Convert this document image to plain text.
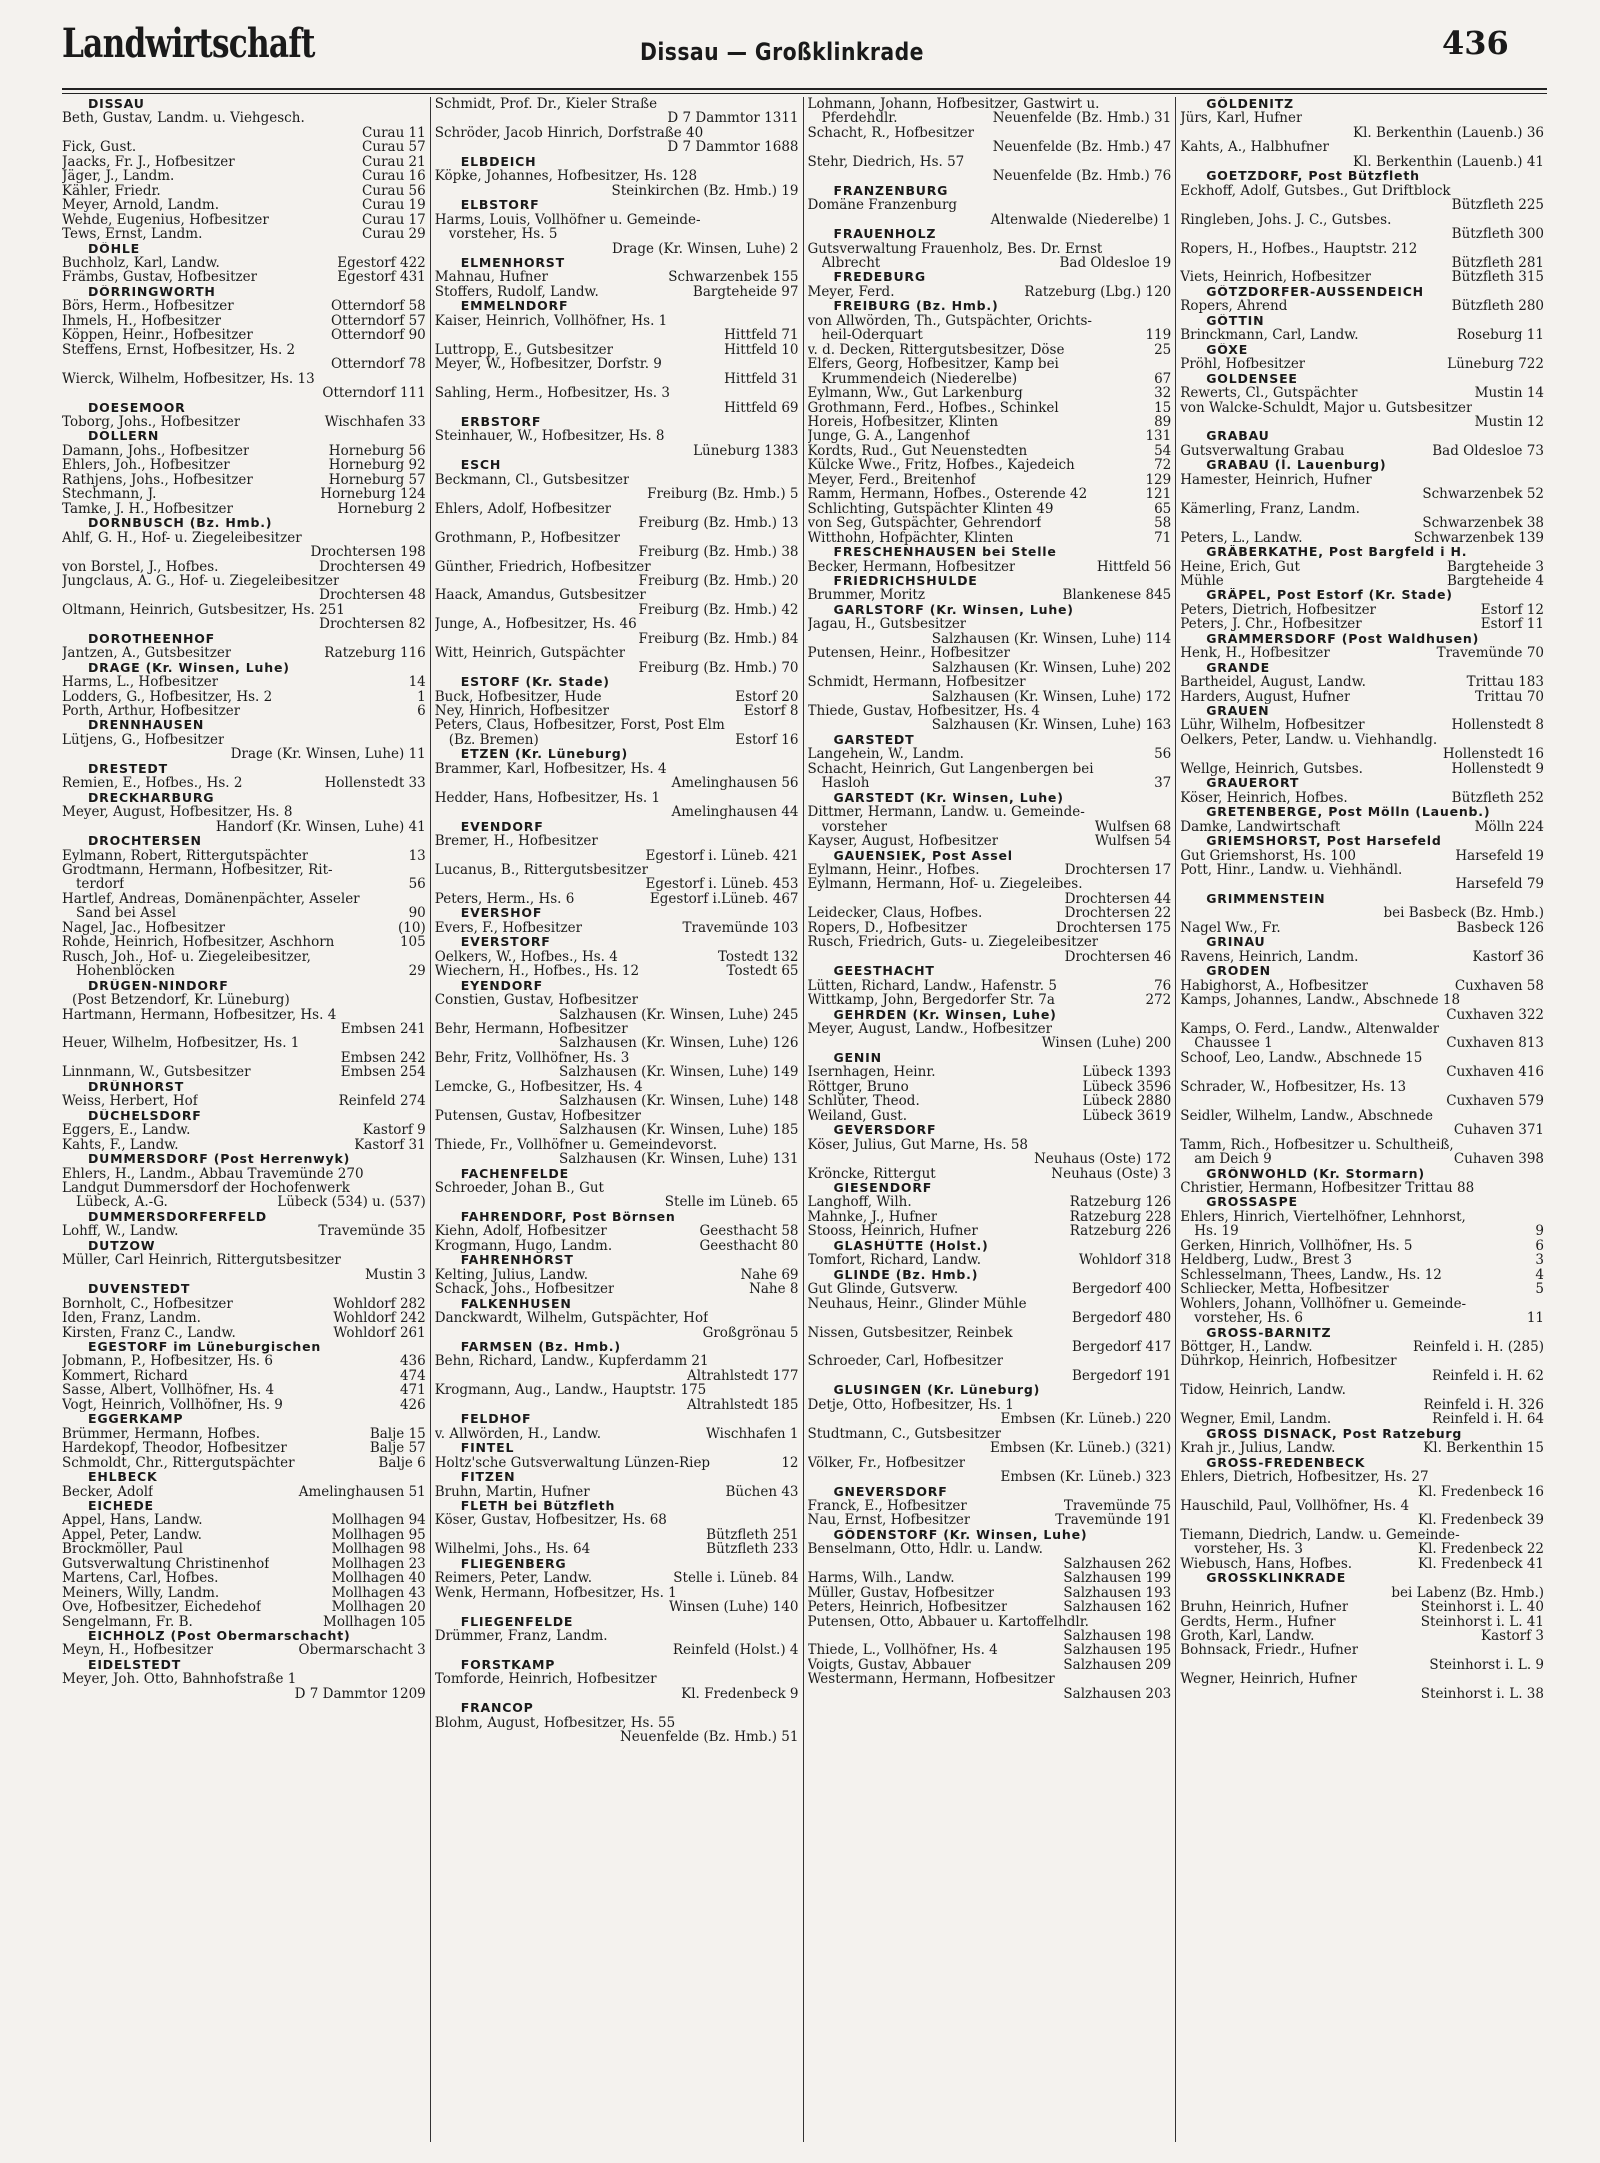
Landwirtschaft	Dissau — Großklinkrade	436
DISSAU
Beth, Gustav, Landm. u. Viehgesch.
Curau 11
Fick, Gust.	Curau 57
Jaacks, Fr. J., Hofbesitzer	Curau 21
Jäger, J., Landm.	Curau 16
Kähler, Friedr.	Curau 56
Meyer, Arnold, Landm.	Curau 19
Wehde, Eugenius, Hofbesitzer	Curau 17
Tews, Ernst, Landm.	Curau 29
DÖHLE
Buchholz, Karl, Landw.	Egestorf 422
Främbs, Gustav, Hofbesitzer	Egestorf 431
DÖRRINGWORTH
Börs, Herm., Hofbesitzer	Otterndorf 58
Ihmels, H., Hofbesitzer	Otterndorf 57
Köppen, Heinr., Hofbesitzer	Otterndorf 90
Steffens, Ernst, Hofbesitzer, Hs. 2
Otterndorf 78
Wierck, Wilhelm, Hofbesitzer, Hs. 13
Otterndorf 111
DOESEMOOR
Toborg, Johs., Hofbesitzer	Wischhafen 33
DOLLERN
Damann, Johs., Hofbesitzer	Horneburg 56
Ehlers, Joh., Hofbesitzer	Horneburg 92
Rathjens, Johs., Hofbesitzer	Horneburg 57
Stechmann, J.	Horneburg 124
Tamke, J. H., Hofbesitzer	Horneburg 2
DORNBUSCH (Bz. Hmb.)
Ahlf, G. H., Hof- u. Ziegeleibesitzer
Drochtersen 198
von Borstel, J., Hofbes.	Drochtersen 49
Jungclaus, A. G., Hof- u. Ziegeleibesitzer
Drochtersen 48
Oltmann, Heinrich, Gutsbesitzer, Hs. 251
Drochtersen 82
DOROTHEENHOF
Jantzen, A., Gutsbesitzer	Ratzeburg 116
DRAGE (Kr. Winsen, Luhe)
Harms, L., Hofbesitzer	14
Lodders, G., Hofbesitzer, Hs. 2	1
Porth, Arthur, Hofbesitzer	6
DRENNHAUSEN
Lütjens, G., Hofbesitzer
Drage (Kr. Winsen, Luhe) 11
DRESTEDT
Remien, E., Hofbes., Hs. 2	Hollenstedt 33
DRECKHARBURG
Meyer, August, Hofbesitzer, Hs. 8
Handorf (Kr. Winsen, Luhe) 41
DROCHTERSEN
Eylmann, Robert, Rittergutspächter	13
Grodtmann, Hermann, Hofbesitzer, Rit-
terdorf	56
Hartlef, Andreas, Domänenpächter, Asseler
Sand bei Assel	90
Nagel, Jac., Hofbesitzer	(10)
Rohde, Heinrich, Hofbesitzer, Aschhorn	105
Rusch, Joh., Hof- u. Ziegeleibesitzer,
Hohenblöcken	29
DRÜGEN-NINDORF
(Post Betzendorf, Kr. Lüneburg)
Hartmann, Hermann, Hofbesitzer, Hs. 4
Embsen 241
Heuer, Wilhelm, Hofbesitzer, Hs. 1
Embsen 242
Linnmann, W., Gutsbesitzer	Embsen 254
DRÜNHORST
Weiss, Herbert, Hof	Reinfeld 274
DÜCHELSDORF
Eggers, E., Landw.	Kastorf 9
Kahts, F., Landw.	Kastorf 31
DUMMERSDORF (Post Herrenwyk)
Ehlers, H., Landm., Abbau Travemünde 270
Landgut Dummersdorf der Hochofenwerk
Lübeck, A.-G.	Lübeck (534) u. (537)
DUMMERSDORFERFELD
Lohff, W., Landw.	Travemünde 35
DUTZOW
Müller, Carl Heinrich, Rittergutsbesitzer
Mustin 3
DUVENSTEDT
Bornholt, C., Hofbesitzer	Wohldorf 282
Iden, Franz, Landm.	Wohldorf 242
Kirsten, Franz C., Landw.	Wohldorf 261
EGESTORF im Lüneburgischen
Jobmann, P., Hofbesitzer, Hs. 6	436
Kommert, Richard	474
Sasse, Albert, Vollhöfner, Hs. 4	471
Vogt, Heinrich, Vollhöfner, Hs. 9	426
EGGERKAMP
Brümmer, Hermann, Hofbes.	Balje 15
Hardekopf, Theodor, Hofbesitzer	Balje 57
Schmoldt, Chr., Rittergutspächter	Balje 6
EHLBECK
Becker, Adolf	Amelinghausen 51
EICHEDE
Appel, Hans, Landw.	Mollhagen 94
Appel, Peter, Landw.	Mollhagen 95
Brockmöller, Paul	Mollhagen 98
Gutsverwaltung Christinenhof	Mollhagen 23
Martens, Carl, Hofbes.	Mollhagen 40
Meiners, Willy, Landm.	Mollhagen 43
Ove, Hofbesitzer, Eichedehof	Mollhagen 20
Sengelmann, Fr. B.	Mollhagen 105
EICHHOLZ (Post Obermarschacht)
Meyn, H., Hofbesitzer	Obermarschacht 3
EIDELSTEDT
Meyer, Joh. Otto, Bahnhofstraße 1
D 7 Dammtor 1209
Schmidt, Prof. Dr., Kieler Straße
D 7 Dammtor 1311
Schröder, Jacob Hinrich, Dorfstraße 40
D 7 Dammtor 1688
ELBDEICH
Köpke, Johannes, Hofbesitzer, Hs. 128
Steinkirchen (Bz. Hmb.) 19
ELBSTORF
Harms, Louis, Vollhöfner u. Gemeinde-
vorsteher, Hs. 5
Drage (Kr. Winsen, Luhe) 2
ELMENHORST
Mahnau, Hufner	Schwarzenbek 155
Stoffers, Rudolf, Landw.	Bargteheide 97
EMMELNDORF
Kaiser, Heinrich, Vollhöfner, Hs. 1
Hittfeld 71
Luttropp, E., Gutsbesitzer	Hittfeld 10
Meyer, W., Hofbesitzer, Dorfstr. 9
Hittfeld 31
Sahling, Herm., Hofbesitzer, Hs. 3
Hittfeld 69
ERBSTORF
Steinhauer, W., Hofbesitzer, Hs. 8
Lüneburg 1383
ESCH
Beckmann, Cl., Gutsbesitzer
Freiburg (Bz. Hmb.) 5
Ehlers, Adolf, Hofbesitzer
Freiburg (Bz. Hmb.) 13
Grothmann, P., Hofbesitzer
Freiburg (Bz. Hmb.) 38
Günther, Friedrich, Hofbesitzer
Freiburg (Bz. Hmb.) 20
Haack, Amandus, Gutsbesitzer
Freiburg (Bz. Hmb.) 42
Junge, A., Hofbesitzer, Hs. 46
Freiburg (Bz. Hmb.) 84
Witt, Heinrich, Gutspächter
Freiburg (Bz. Hmb.) 70
ESTORF (Kr. Stade)
Buck, Hofbesitzer, Hude	Estorf 20
Ney, Hinrich, Hofbesitzer	Estorf 8
Peters, Claus, Hofbesitzer, Forst, Post Elm
(Bz. Bremen)	Estorf 16
ETZEN (Kr. Lüneburg)
Brammer, Karl, Hofbesitzer, Hs. 4
Amelinghausen 56
Hedder, Hans, Hofbesitzer, Hs. 1
Amelinghausen 44
EVENDORF
Bremer, H., Hofbesitzer
Egestorf i. Lüneb. 421
Lucanus, B., Rittergutsbesitzer
Egestorf i. Lüneb. 453
Peters, Herm., Hs. 6	Egestorf i.Lüneb. 467
EVERSHOF
Evers, F., Hofbesitzer	Travemünde 103
EVERSTORF
Oelkers, W., Hofbes., Hs. 4	Tostedt 132
Wiechern, H., Hofbes., Hs. 12	Tostedt 65
EYENDORF
Constien, Gustav, Hofbesitzer
Salzhausen (Kr. Winsen, Luhe) 245
Behr, Hermann, Hofbesitzer
Salzhausen (Kr. Winsen, Luhe) 126
Behr, Fritz, Vollhöfner, Hs. 3
Salzhausen (Kr. Winsen, Luhe) 149
Lemcke, G., Hofbesitzer, Hs. 4
Salzhausen (Kr. Winsen, Luhe) 148
Putensen, Gustav, Hofbesitzer
Salzhausen (Kr. Winsen, Luhe) 185
Thiede, Fr., Vollhöfner u. Gemeindevorst.
Salzhausen (Kr. Winsen, Luhe) 131
FACHENFELDE
Schroeder, Johan B., Gut
Stelle im Lüneb. 65
FAHRENDORF, Post Börnsen
Kiehn, Adolf, Hofbesitzer	Geesthacht 58
Krogmann, Hugo, Landm.	Geesthacht 80
FAHRENHORST
Kelting, Julius, Landw.	Nahe 69
Schack, Johs., Hofbesitzer	Nahe 8
FALKENHUSEN
Danckwardt, Wilhelm, Gutspächter, Hof
Großgrönau 5
FARMSEN (Bz. Hmb.)
Behn, Richard, Landw., Kupferdamm 21
Altrahlstedt 177
Krogmann, Aug., Landw., Hauptstr. 175
Altrahlstedt 185
FELDHOF
v. Allwörden, H., Landw.	Wischhafen 1
FINTEL
Holtz'sche Gutsverwaltung Lünzen-Riep	12
FITZEN
Bruhn, Martin, Hufner	Büchen 43
FLETH bei Bützfleth
Köser, Gustav, Hofbesitzer, Hs. 68
Bützfleth 251
Wilhelmi, Johs., Hs. 64	Bützfleth 233
FLIEGENBERG
Reimers, Peter, Landw.	Stelle i. Lüneb. 84
Wenk, Hermann, Hofbesitzer, Hs. 1
Winsen (Luhe) 140
FLIEGENFELDE
Drümmer, Franz, Landm.
Reinfeld (Holst.) 4
FORSTKAMP
Tomforde, Heinrich, Hofbesitzer
Kl. Fredenbeck 9
FRANCOP
Blohm, August, Hofbesitzer, Hs. 55
Neuenfelde (Bz. Hmb.) 51
Lohmann, Johann, Hofbesitzer, Gastwirt u.
Pferdehdlr.	Neuenfelde (Bz. Hmb.) 31
Schacht, R., Hofbesitzer
Neuenfelde (Bz. Hmb.) 47
Stehr, Diedrich, Hs. 57
Neuenfelde (Bz. Hmb.) 76
FRANZENBURG
Domäne Franzenburg
Altenwalde (Niederelbe) 1
FRAUENHOLZ
Gutsverwaltung Frauenholz, Bes. Dr. Ernst
Albrecht	Bad Oldesloe 19
FREDEBURG
Meyer, Ferd.	Ratzeburg (Lbg.) 120
FREIBURG (Bz. Hmb.)
von Allwörden, Th., Gutspächter, Örichts-
heil-Öderquart	119
v. d. Decken, Rittergutsbesitzer, Döse	25
Elfers, Georg, Hofbesitzer, Kamp bei
Krummendeich (Niederelbe)	67
Eylmann, Ww., Gut Larkenburg	32
Grothmann, Ferd., Hofbes., Schinkel	15
Horeis, Hofbesitzer, Klinten	89
Junge, G. A., Langenhof	131
Kordts, Rud., Gut Neuenstedten	54
Külcke Wwe., Fritz, Hofbes., Kajedeich	72
Meyer, Ferd., Breitenhof	129
Ramm, Hermann, Hofbes., Osterende 42	121
Schlichting, Gutspächter Klinten 49	65
von Seg, Gutspächter, Gehrendorf	58
Witthohn, Hofpächter, Klinten	71
FRESCHENHAUSEN bei Stelle
Becker, Hermann, Hofbesitzer	Hittfeld 56
FRIEDRICHSHULDE
Brummer, Moritz	Blankenese 845
GARLSTORF (Kr. Winsen, Luhe)
Jagau, H., Gutsbesitzer
Salzhausen (Kr. Winsen, Luhe) 114
Putensen, Heinr., Hofbesitzer
Salzhausen (Kr. Winsen, Luhe) 202
Schmidt, Hermann, Hofbesitzer
Salzhausen (Kr. Winsen, Luhe) 172
Thiede, Gustav, Hofbesitzer, Hs. 4
Salzhausen (Kr. Winsen, Luhe) 163
GARSTEDT
Langehein, W., Landm.	56
Schacht, Heinrich, Gut Langenbergen bei
Hasloh	37
GARSTEDT (Kr. Winsen, Luhe)
Dittmer, Hermann, Landw. u. Gemeinde-
vorsteher	Wulfsen 68
Kayser, August, Hofbesitzer	Wulfsen 54
GAUENSIEK, Post Assel
Eylmann, Heinr., Hofbes.	Drochtersen 17
Eylmann, Hermann, Hof- u. Ziegeleibes.
Drochtersen 44
Leidecker, Claus, Hofbes.	Drochtersen 22
Ropers, D., Hofbesitzer	Drochtersen 175
Rusch, Friedrich, Guts- u. Ziegeleibesitzer
Drochtersen 46
GEESTHACHT
Lütten, Richard, Landw., Hafenstr. 5	76
Wittkamp, John, Bergedorfer Str. 7a	272
GEHRDEN (Kr. Winsen, Luhe)
Meyer, August, Landw., Hofbesitzer
Winsen (Luhe) 200
GENIN
Isernhagen, Heinr.	Lübeck 1393
Röttger, Bruno	Lübeck 3596
Schlüter, Theod.	Lübeck 2880
Weiland, Gust.	Lübeck 3619
GEVERSDORF
Köser, Julius, Gut Marne, Hs. 58
Neuhaus (Oste) 172
Kröncke, Rittergut	Neuhaus (Oste) 3
GIESENDORF
Langhoff, Wilh.	Ratzeburg 126
Mahnke, J., Hufner	Ratzeburg 228
Stooss, Heinrich, Hufner	Ratzeburg 226
GLASHÜTTE (Holst.)
Tomfort, Richard, Landw.	Wohldorf 318
GLINDE (Bz. Hmb.)
Gut Glinde, Gutsverw.	Bergedorf 400
Neuhaus, Heinr., Glinder Mühle
Bergedorf 480
Nissen, Gutsbesitzer, Reinbek
Bergedorf 417
Schroeder, Carl, Hofbesitzer
Bergedorf 191
GLUSINGEN (Kr. Lüneburg)
Detje, Otto, Hofbesitzer, Hs. 1
Embsen (Kr. Lüneb.) 220
Studtmann, C., Gutsbesitzer
Embsen (Kr. Lüneb.) (321)
Völker, Fr., Hofbesitzer
Embsen (Kr. Lüneb.) 323
GNEVERSDORF
Franck, E., Hofbesitzer	Travemünde 75
Nau, Ernst, Hofbesitzer	Travemünde 191
GÖDENSTORF (Kr. Winsen, Luhe)
Benselmann, Otto, Hdlr. u. Landw.
Salzhausen 262
Harms, Wilh., Landw.	Salzhausen 199
Müller, Gustav, Hofbesitzer	Salzhausen 193
Peters, Heinrich, Hofbesitzer	Salzhausen 162
Putensen, Otto, Abbauer u. Kartoffelhdlr.
Salzhausen 198
Thiede, L., Vollhöfner, Hs. 4	Salzhausen 195
Voigts, Gustav, Abbauer	Salzhausen 209
Westermann, Hermann, Hofbesitzer
Salzhausen 203
GÖLDENITZ
Jürs, Karl, Hufner
Kl. Berkenthin (Lauenb.) 36
Kahts, A., Halbhufner
Kl. Berkenthin (Lauenb.) 41
GOETZDORF, Post Bützfleth
Eckhoff, Adolf, Gutsbes., Gut Driftblock
Bützfleth 225
Ringleben, Johs. J. C., Gutsbes.
Bützfleth 300
Ropers, H., Hofbes., Hauptstr. 212
Bützfleth 281
Viets, Heinrich, Hofbesitzer	Bützfleth 315
GÖTZDORFER-AUSSENDEICH
Ropers, Ahrend	Bützfleth 280
GÖTTIN
Brinckmann, Carl, Landw.	Roseburg 11
GÖXE
Pröhl, Hofbesitzer	Lüneburg 722
GOLDENSEE
Rewerts, Cl., Gutspächter	Mustin 14
von Walcke-Schuldt, Major u. Gutsbesitzer
Mustin 12
GRABAU
Gutsverwaltung Grabau	Bad Oldesloe 73
GRABAU (l. Lauenburg)
Hamester, Heinrich, Hufner
Schwarzenbek 52
Kämerling, Franz, Landm.
Schwarzenbek 38
Peters, L., Landw.	Schwarzenbek 139
GRÄBERKATHE, Post Bargfeld i H.
Heine, Erich, Gut	Bargteheide 3
Mühle	Bargteheide 4
GRÄPEL, Post Estorf (Kr. Stade)
Peters, Dietrich, Hofbesitzer	Estorf 12
Peters, J. Chr., Hofbesitzer	Estorf 11
GRAMMERSDORF (Post Waldhusen)
Henk, H., Hofbesitzer	Travemünde 70
GRANDE
Bartheidel, August, Landw.	Trittau 183
Harders, August, Hufner	Trittau 70
GRAUEN
Lühr, Wilhelm, Hofbesitzer	Hollenstedt 8
Oelkers, Peter, Landw. u. Viehhandlg.
Hollenstedt 16
Wellge, Heinrich, Gutsbes.	Hollenstedt 9
GRAUERORT
Köser, Heinrich, Hofbes.	Bützfleth 252
GRETENBERGE, Post Mölln (Lauenb.)
Damke, Landwirtschaft	Mölln 224
GRIEMSHORST, Post Harsefeld
Gut Griemshorst, Hs. 100	Harsefeld 19
Pott, Hinr., Landw. u. Viehhändl.
Harsefeld 79
GRIMMENSTEIN
bei Basbeck (Bz. Hmb.)
Nagel Ww., Fr.	Basbeck 126
GRINAU
Ravens, Heinrich, Landm.	Kastorf 36
GRODEN
Habighorst, A., Hofbesitzer	Cuxhaven 58
Kamps, Johannes, Landw., Abschnede 18
Cuxhaven 322
Kamps, O. Ferd., Landw., Altenwalder
Chaussee 1	Cuxhaven 813
Schoof, Leo, Landw., Abschnede 15
Cuxhaven 416
Schrader, W., Hofbesitzer, Hs. 13
Cuxhaven 579
Seidler, Wilhelm, Landw., Abschnede
Cuhaven 371
Tamm, Rich., Hofbesitzer u. Schultheiß,
am Deich 9	Cuhaven 398
GRÖNWOHLD (Kr. Stormarn)
Christier, Hermann, Hofbesitzer Trittau 88
GROSSASPE
Ehlers, Hinrich, Viertelhöfner, Lehnhorst,
Hs. 19	9
Gerken, Hinrich, Vollhöfner, Hs. 5	6
Heldberg, Ludw., Brest 3	3
Schlesselmann, Thees, Landw., Hs. 12	4
Schliecker, Metta, Hofbesitzer	5
Wohlers, Johann, Vollhöfner u. Gemeinde-
vorsteher, Hs. 6	11
GROSS-BARNITZ
Böttger, H., Landw.	Reinfeld i. H. (285)
Dührkop, Heinrich, Hofbesitzer
Reinfeld i. H. 62
Tidow, Heinrich, Landw.
Reinfeld i. H. 326
Wegner, Emil, Landm.	Reinfeld i. H. 64
GROSS DISNACK, Post Ratzeburg
Krah jr., Julius, Landw.	Kl. Berkenthin 15
GROSS-FREDENBECK
Ehlers, Dietrich, Hofbesitzer, Hs. 27
Kl. Fredenbeck 16
Hauschild, Paul, Vollhöfner, Hs. 4
Kl. Fredenbeck 39
Tiemann, Diedrich, Landw. u. Gemeinde-
vorsteher, Hs. 3	Kl. Fredenbeck 22
Wiebusch, Hans, Hofbes.	Kl. Fredenbeck 41
GROSSKLINKRADE
bei Labenz (Bz. Hmb.)
Bruhn, Heinrich, Hufner	Steinhorst i. L. 40
Gerdts, Herm., Hufner	Steinhorst i. L. 41
Groth, Karl, Landw.	Kastorf 3
Bohnsack, Friedr., Hufner
Steinhorst i. L. 9
Wegner, Heinrich, Hufner
Steinhorst i. L. 38
